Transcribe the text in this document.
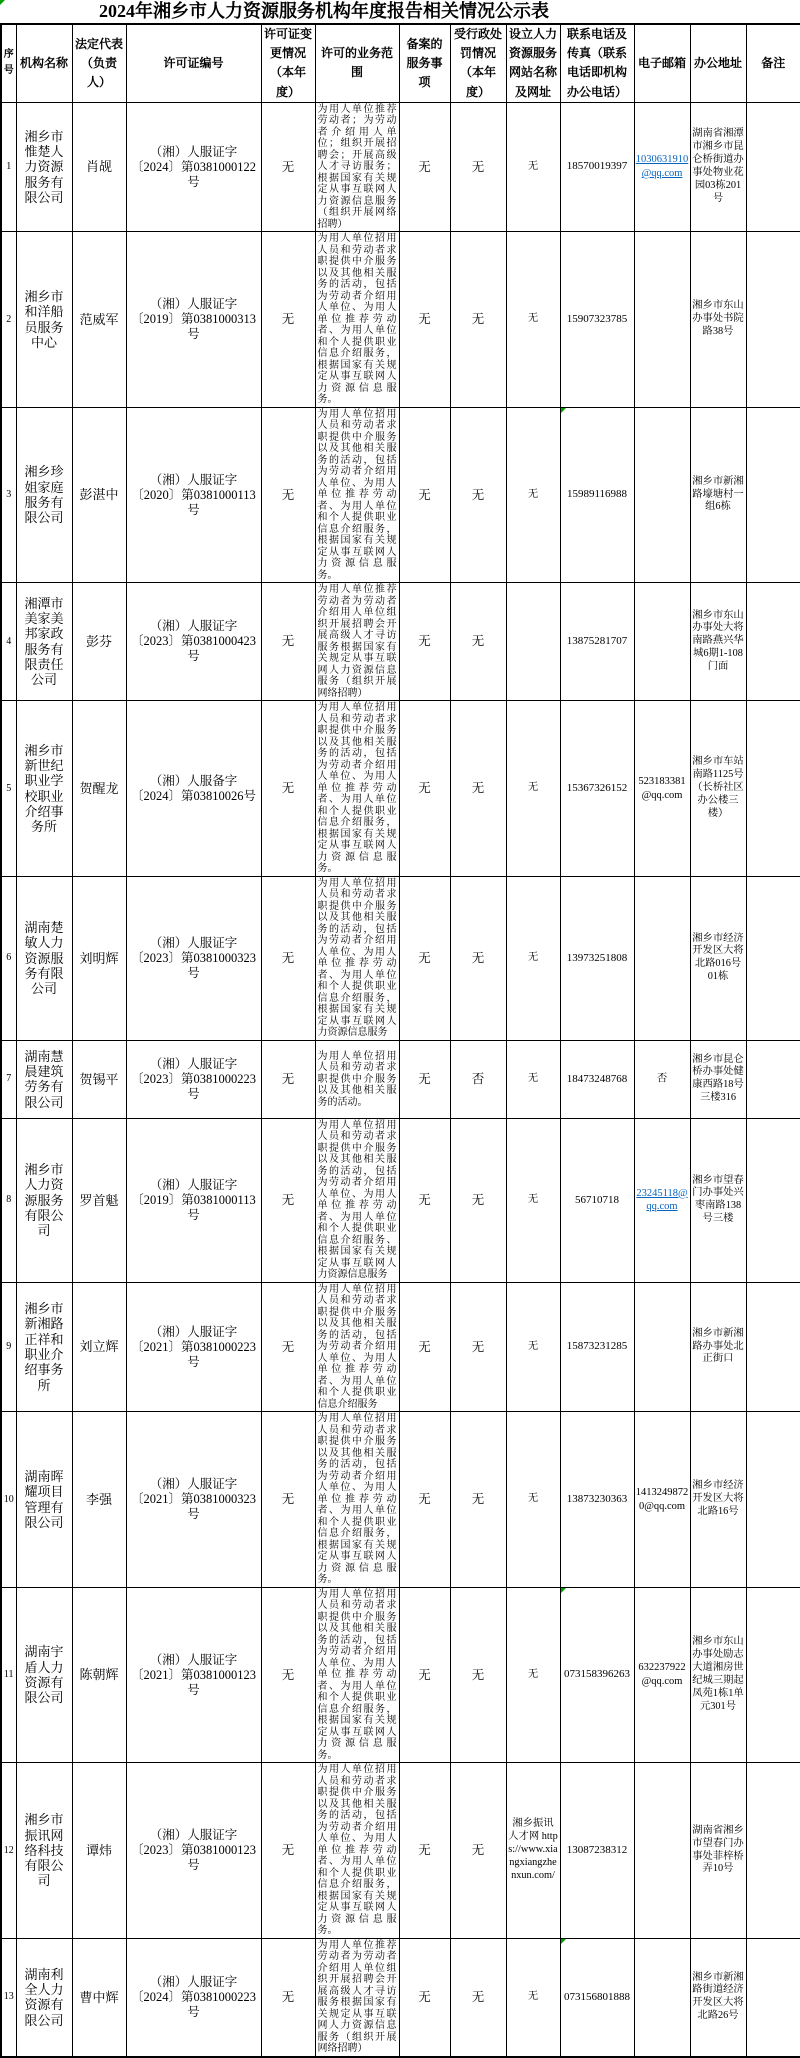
2024年湘乡市人力资源服务机构年度报告相关情况公示表
序号	机构名称	法定代表（负责人）	许可证编号	许可证变更情况（本年度）	许可的业务范围	备案的服务事项	受行政处罚情况（本年度）	设立人力资源服务网站名称及网址	联系电话及传真（联系电话即机构办公电话）	电子邮箱	办公地址	备注
1	湘乡市惟楚人力资源服务有限公司	肖觇	（湘）人服证字〔2024〕第0381000122号	无	为用人单位推荐劳动者；为劳动者介绍用人单位；组织开展招聘会；开展高级人才寻访服务；根据国家有关规定从事互联网人力资源信息服务（组织开展网络招聘）	无	无	无	18570019397	1030631910@qq.com	湖南省湘潭市湘乡市昆仑桥街道办事处物业花园03栋201号	
2	湘乡市和洋船员服务中心	范威军	（湘）人服证字〔2019〕第0381000313号	无	为用人单位招用人员和劳动者求职提供中介服务以及其他相关服务的活动，包括为劳动者介绍用人单位、为用人单位推荐劳动者、为用人单位和个人提供职业信息介绍服务，根据国家有关规定从事互联网人力资源信息服务。	无	无	无	15907323785		湘乡市东山办事处书院路38号	
3	湘乡珍姐家庭服务有限公司	彭湛中	（湘）人服证字〔2020〕第0381000113号	无	为用人单位招用人员和劳动者求职提供中介服务以及其他相关服务的活动，包括为劳动者介绍用人单位、为用人单位推荐劳动者、为用人单位和个人提供职业信息介绍服务，根据国家有关规定从事互联网人力资源信息服务。	无	无	无	15989116988		湘乡市新湘路壕塘村一组6栋	
4	湘潭市美家美邦家政服务有限责任公司	彭芬	（湘）人服证字〔2023〕第0381000423号	无	为用人单位推荐劳动者为劳动者介绍用人单位组织开展招聘会开展高级人才寻访服务根据国家有关规定从事互联网人力资源信息服务（组织开展网络招聘）	无	无		13875281707		湘乡市东山办事处大将南路燕兴华城6期1-108门面	
5	湘乡市新世纪职业学校职业介绍事务所	贺醒龙	（湘）人服备字〔2024〕第03810026号	无	为用人单位招用人员和劳动者求职提供中介服务以及其他相关服务的活动，包括为劳动者介绍用人单位、为用人单位推荐劳动者、为用人单位和个人提供职业信息介绍服务，根据国家有关规定从事互联网人力资源信息服务。	无	无	无	15367326152	523183381 @qq.com	湘乡市车站南路1125号（长桥社区办公楼三楼）	
6	湖南楚敏人力资源服务有限公司	刘明辉	（湘）人服证字〔2023〕第0381000323号	无	为用人单位招用人员和劳动者求职提供中介服务以及其他相关服务的活动，包括为劳动者介绍用人单位、为用人单位推荐劳动者、为用人单位和个人提供职业信息介绍服务，根据国家有关规定从事互联网人力资源信息服务	无	无	无	13973251808		湘乡市经济开发区大将北路016号01栋	
7	湖南慧晨建筑劳务有限公司	贺锡平	（湘）人服证字〔2023〕第0381000223号	无	为用人单位招用人员和劳动者求职提供中介服务以及其他相关服务的活动。	无	否	无	18473248768	否	湘乡市昆仑桥办事处健康西路18号三楼316	
8	湘乡市人力资源服务有限公司	罗首魁	（湘）人服证字〔2019〕第0381000113号	无	为用人单位招用人员和劳动者求职提供中介服务以及其他相关服务的活动，包括为劳动者介绍用人单位、为用人单位推荐劳动者、为用人单位和个人提供职业信息介绍服务、根据国家有关规定从事互联网人力资源信息服务	无	无	无	56710718	23245118@qq.com	湘乡市望春门办事处兴枣南路138号三楼	
9	湘乡市新湘路正祥和职业介绍事务所	刘立辉	（湘）人服证字〔2021〕第0381000223号	无	为用人单位招用人员和劳动者求职提供中介服务以及其他相关服务的活动，包括为劳动者介绍用人单位、为用人单位推荐劳动者、为用人单位和个人提供职业信息介绍服务	无	无	无	15873231285		湘乡市新湘路办事处北正街口	
10	湖南晖耀项目管理有限公司	李强	（湘）人服证字〔2021〕第0381000323号	无	为用人单位招用人员和劳动者求职提供中介服务以及其他相关服务的活动，包括为劳动者介绍用人单位、为用人单位推荐劳动者、为用人单位和个人提供职业信息介绍服务，根据国家有关规定从事互联网人力资源信息服务。	无	无	无	13873230363	14132498720@qq.com	湘乡市经济开发区大将北路16号	
11	湖南宇盾人力资源有限公司	陈朝辉	（湘）人服证字〔2021〕第0381000123号	无	为用人单位招用人员和劳动者求职提供中介服务以及其他相关服务的活动，包括为劳动者介绍用人单位、为用人单位推荐劳动者、为用人单位和个人提供职业信息介绍服务，根据国家有关规定从事互联网人力资源信息服务。	无	无	无	073158396263	632237922@qq.com	湘乡市东山办事处励志大道湘房世纪城三期起凤苑1栋1单元301号	
12	湘乡市振讯网络科技有限公司	谭炜	（湘）人服证字〔2023〕第0381000123号	无	为用人单位招用人员和劳动者求职提供中介服务以及其他相关服务的活动，包括为劳动者介绍用人单位、为用人单位推荐劳动者、为用人单位和个人提供职业信息介绍服务，根据国家有关规定从事互联网人力资源信息服务。	无	无	湘乡振讯人才网 https://www.xiangxiangzhenxun.com/	13087238312		湖南省湘乡市望春门办事处菲梓桥弄10号	
13	湖南利全人力资源有限公司	曹中辉	（湘）人服证字〔2024〕第0381000223号	无	为用人单位推荐劳动者为劳动者介绍用人单位组织开展招聘会开展高级人才寻访服务根据国家有关规定从事互联网人力资源信息服务（组织开展网络招聘）	无	无	无	073156801888		湘乡市新湘路街道经济开发区大将北路26号	
